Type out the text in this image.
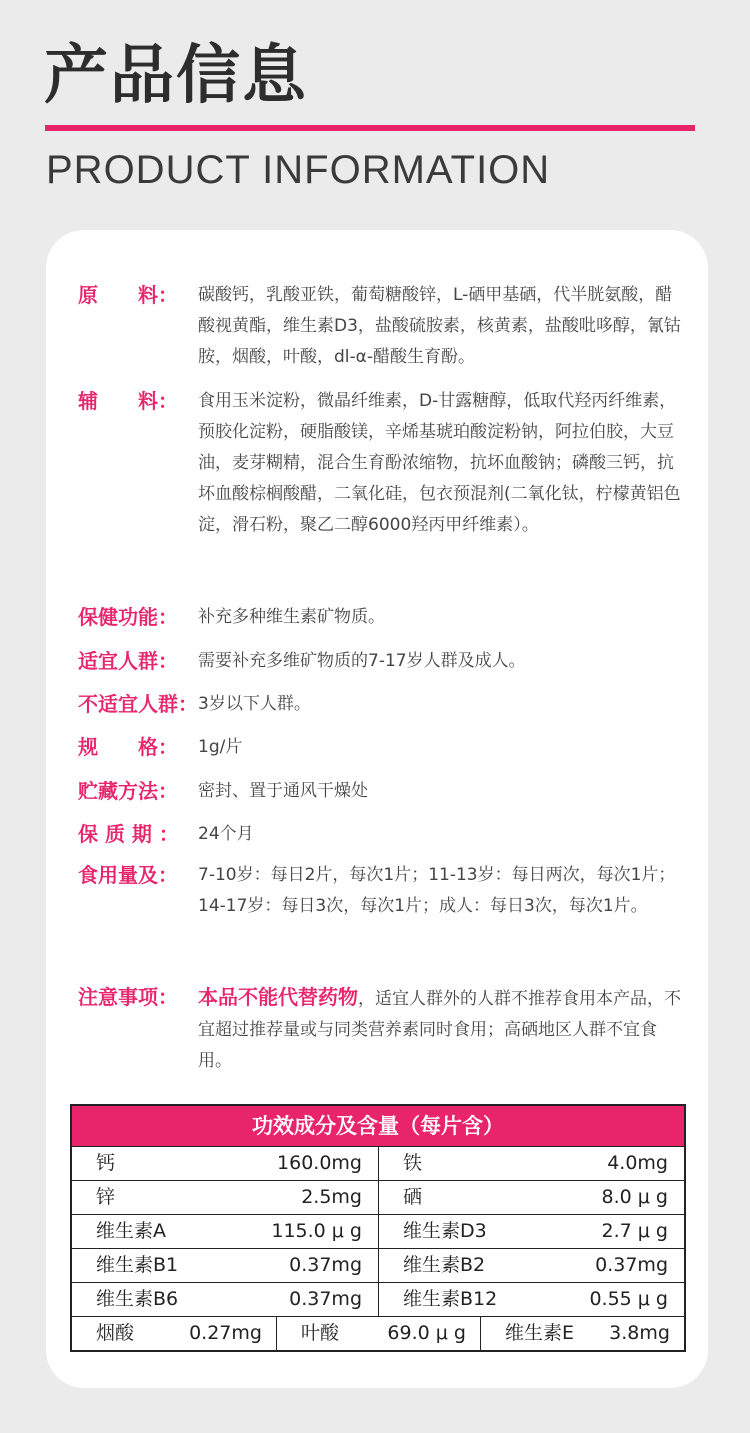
产品信息
PRODUCT INFORMATION
原　　料： 碳酸钙，乳酸亚铁，葡萄糖酸锌，L-硒甲基硒，代半胱氨酸，醋酸视黄酯，维生素D3，盐酸硫胺素，核黄素，盐酸吡哆醇，氰钴胺，烟酸，叶酸，dl-α-醋酸生育酚。
辅　　料： 食用玉米淀粉，微晶纤维素，D-甘露糖醇，低取代羟丙纤维素，预胶化淀粉，硬脂酸镁，辛烯基琥珀酸淀粉钠，阿拉伯胶，大豆油，麦芽糊精，混合生育酚浓缩物，抗坏血酸钠；磷酸三钙，抗坏血酸棕榈酸醋，二氧化硅，包衣预混剂(二氧化钛，柠檬黄铝色淀，滑石粉，聚乙二醇6000羟丙甲纤维素）。
保健功能： 补充多种维生素矿物质。
适宜人群： 需要补充多维矿物质的7-17岁人群及成人。
不适宜人群： 3岁以下人群。
规　　格： 1g/片
贮藏方法： 密封、置于通风干燥处
保 质 期 ： 24个月
食用量及： 7-10岁：每日2片，每次1片；11-13岁：每日两次，每次1片；14-17岁：每日3次，每次1片；成人：每日3次，每次1片。
注意事项： 本品不能代替药物，适宜人群外的人群不推荐食用本产品，不宜超过推荐量或与同类营养素同时食用；高硒地区人群不宜食用。
功效成分及含量（每片含）
钙	160.0mg 铁	4.0mg
锌	2.5mg 硒	8.0 μ g
维生素A	115.0 μ g 维生素D3	2.7 μ g
维生素B1	0.37mg 维生素B2	0.37mg
维生素B6	0.37mg 维生素B12	0.55 μ g
烟酸	0.27mg 叶酸	69.0 μ g 维生素E 3.8mg
